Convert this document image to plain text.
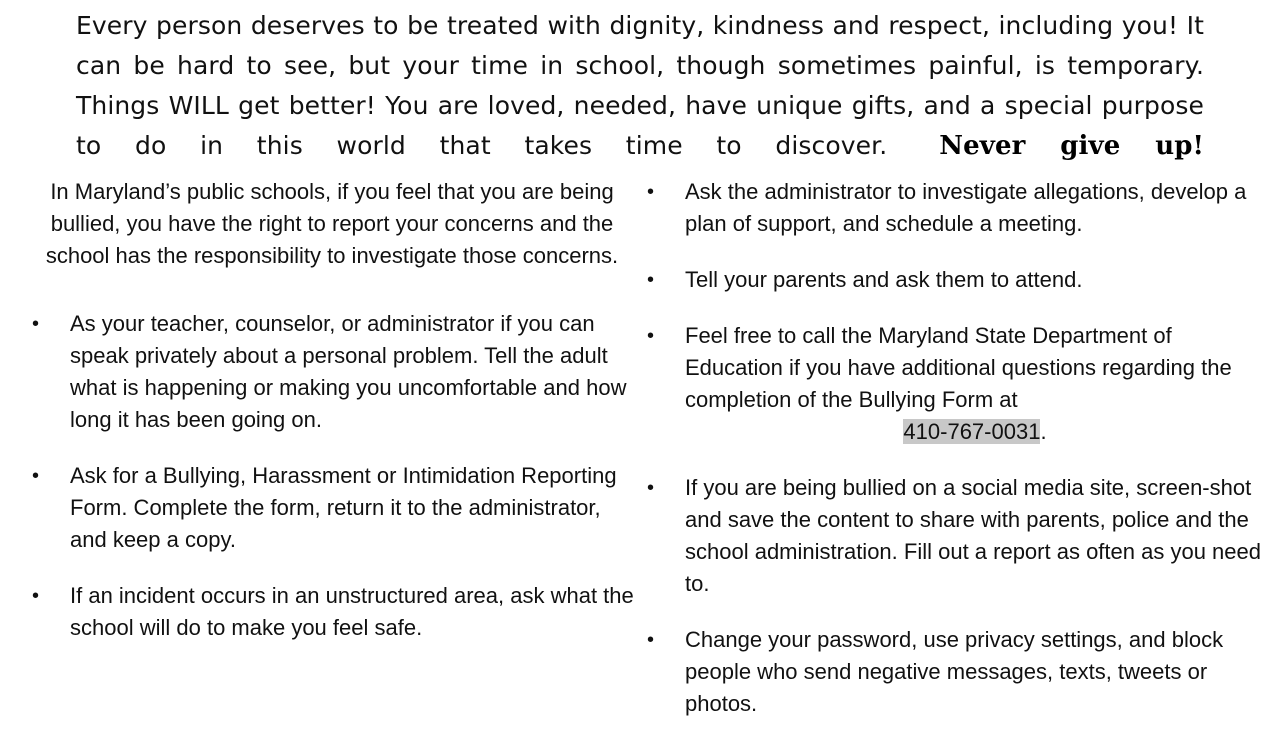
Every person deserves to be treated with dignity, kindness and respect, including you! It can be hard to see, but your time in school, though sometimes painful, is temporary. Things WILL get better! You are loved, needed, have unique gifts, and a special purpose to do in this world that takes time to discover. Never give up!

In Maryland’s public schools, if you feel that you are being bullied, you have the right to report your concerns and the school has the responsibility to investigate those concerns.

• As your teacher, counselor, or administrator if you can speak privately about a personal problem. Tell the adult what is happening or making you uncomfortable and how long it has been going on.
• Ask for a Bullying, Harassment or Intimidation Reporting Form. Complete the form, return it to the administrator, and keep a copy.
• If an incident occurs in an unstructured area, ask what the school will do to make you feel safe.
• Ask the administrator to investigate allegations, develop a plan of support, and schedule a meeting.
• Tell your parents and ask them to attend.
• Feel free to call the Maryland State Department of Education if you have additional questions regarding the completion of the Bullying Form at
410-767-0031.
• If you are being bullied on a social media site, screen-shot and save the content to share with parents, police and the school administration. Fill out a report as often as you need to.
• Change your password, use privacy settings, and block people who send negative messages, texts, tweets or photos.
